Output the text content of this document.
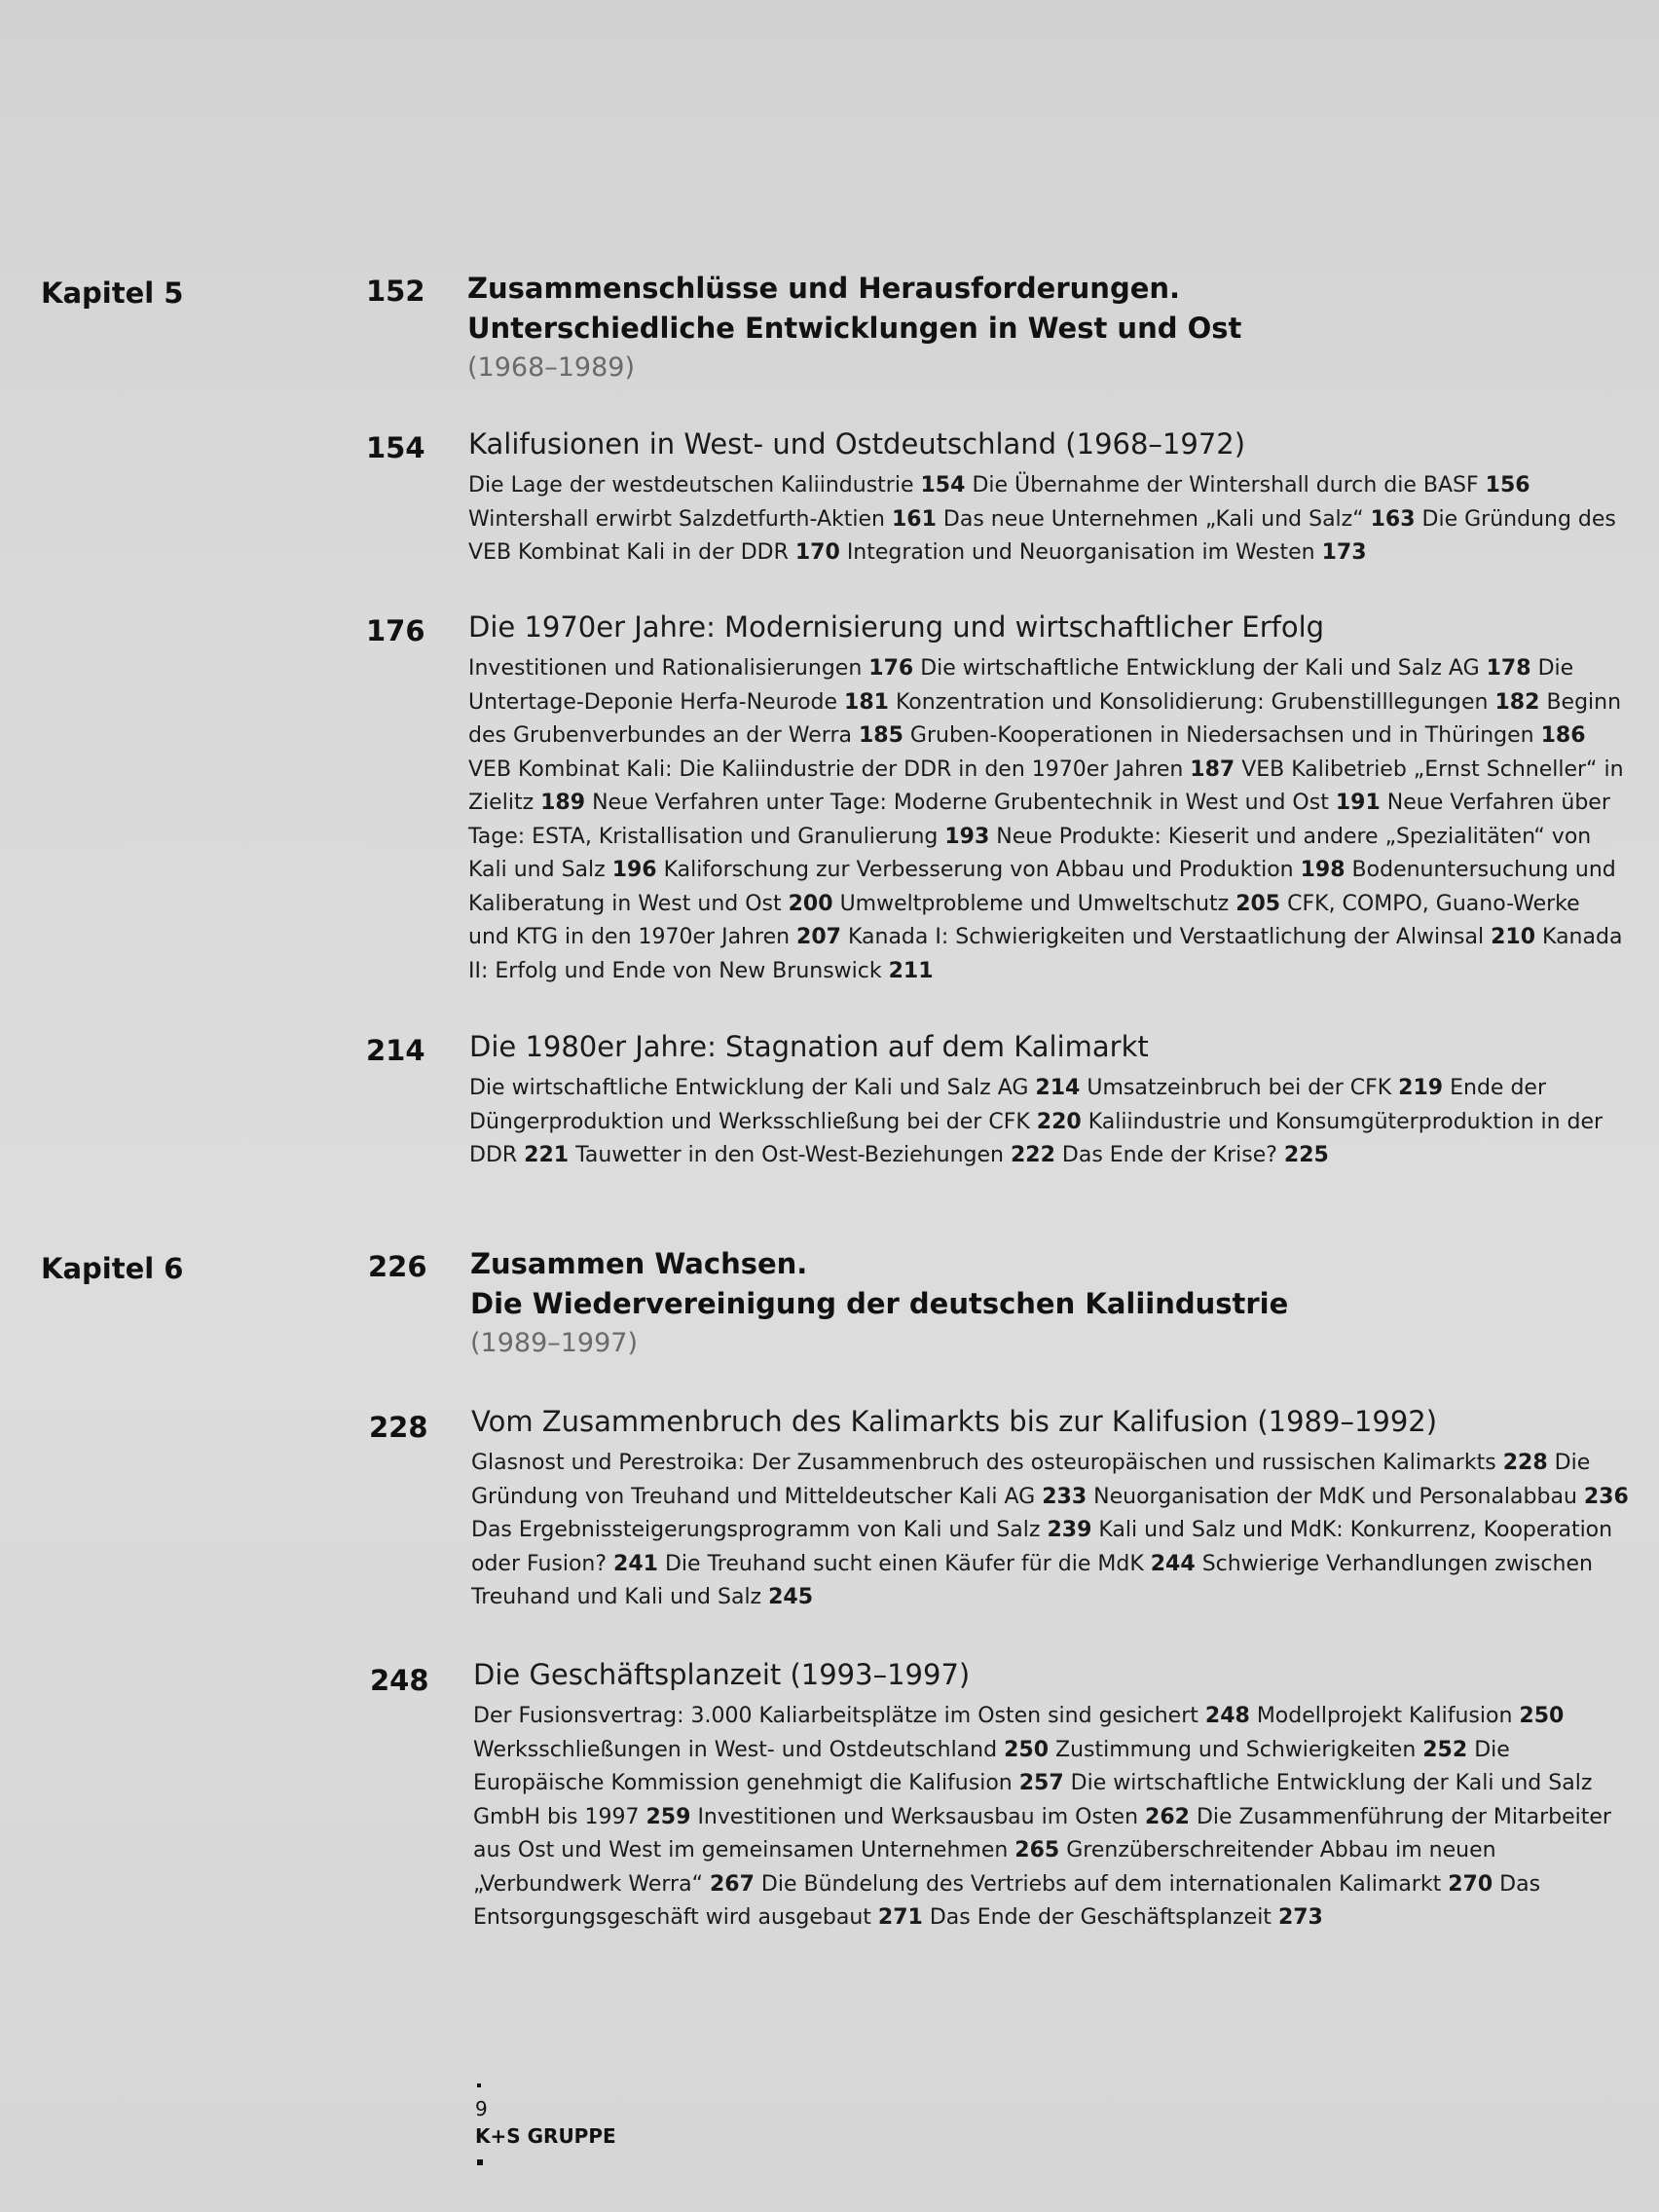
Kapitel 5	152	Zusammenschlüsse und Herausforderungen.

Unterschiedliche Entwicklungen in West und Ost

(1968–1989)

154	Kalifusionen in West- und Ostdeutschland (1968–1972)

Die Lage der westdeutschen Kaliindustrie 154 Die Übernahme der Wintershall durch die BASF 156 Wintershall erwirbt Salzdetfurth-Aktien 161 Das neue Unternehmen „Kali und Salz“ 163 Die Gründung des VEB Kombinat Kali in der DDR 170 Integration und Neuorganisation im Westen 173

176	Die 1970er Jahre: Modernisierung und wirtschaftlicher Erfolg

Investitionen und Rationalisierungen 176 Die wirtschaftliche Entwicklung der Kali und Salz AG 178 Die Untertage-Deponie Herfa-Neurode 181 Konzentration und Konsolidierung: Grubenstilllegungen 182 Beginn des Grubenverbundes an der Werra 185 Gruben-Kooperationen in Niedersachsen und in Thüringen 186 VEB Kombinat Kali: Die Kaliindustrie der DDR in den 1970er Jahren 187 VEB Kalibetrieb „Ernst Schneller“ in Zielitz 189 Neue Verfahren unter Tage: Moderne Grubentechnik in West und Ost 191 Neue Verfahren über Tage: ESTA, Kristallisation und Granulierung 193 Neue Produkte: Kieserit und andere „Spezialitäten“ von Kali und Salz 196 Kaliforschung zur Verbesserung von Abbau und Produktion 198 Bodenuntersuchung und Kaliberatung in West und Ost 200 Umweltprobleme und Umweltschutz 205 CFK, COMPO, Guano-Werke und KTG in den 1970er Jahren 207 Kanada I: Schwierigkeiten und Verstaatlichung der Alwinsal 210 Kanada II: Erfolg und Ende von New Brunswick 211

214	Die 1980er Jahre: Stagnation auf dem Kalimarkt

Die wirtschaftliche Entwicklung der Kali und Salz AG 214 Umsatzeinbruch bei der CFK 219 Ende der Düngerproduktion und Werksschließung bei der CFK 220 Kaliindustrie und Konsumgüterproduktion in der DDR 221 Tauwetter in den Ost-West-Beziehungen 222 Das Ende der Krise? 225

Kapitel 6	226	Zusammen Wachsen.

Die Wiedervereinigung der deutschen Kaliindustrie

(1989–1997)

228	Vom Zusammenbruch des Kalimarkts bis zur Kalifusion (1989–1992)

Glasnost und Perestroika: Der Zusammenbruch des osteuropäischen und russischen Kalimarkts 228 Die Gründung von Treuhand und Mitteldeutscher Kali AG 233 Neuorganisation der MdK und Personalabbau 236 Das Ergebnissteigerungsprogramm von Kali und Salz 239 Kali und Salz und MdK: Konkurrenz, Kooperation oder Fusion? 241 Die Treuhand sucht einen Käufer für die MdK 244 Schwierige Verhandlungen zwischen Treuhand und Kali und Salz 245

248	Die Geschäftsplanzeit (1993–1997)

Der Fusionsvertrag: 3.000 Kaliarbeitsplätze im Osten sind gesichert 248 Modellprojekt Kalifusion 250 Werksschließungen in West- und Ostdeutschland 250 Zustimmung und Schwierigkeiten 252 Die Europäische Kommission genehmigt die Kalifusion 257 Die wirtschaftliche Entwicklung der Kali und Salz GmbH bis 1997 259 Investitionen und Werksausbau im Osten 262 Die Zusammenführung der Mitarbeiter aus Ost und West im gemeinsamen Unternehmen 265 Grenzüberschreitender Abbau im neuen „Verbundwerk Werra“ 267 Die Bündelung des Vertriebs auf dem internationalen Kalimarkt 270 Das Entsorgungsgeschäft wird ausgebaut 271 Das Ende der Geschäftsplanzeit 273

9
K+S GRUPPE
